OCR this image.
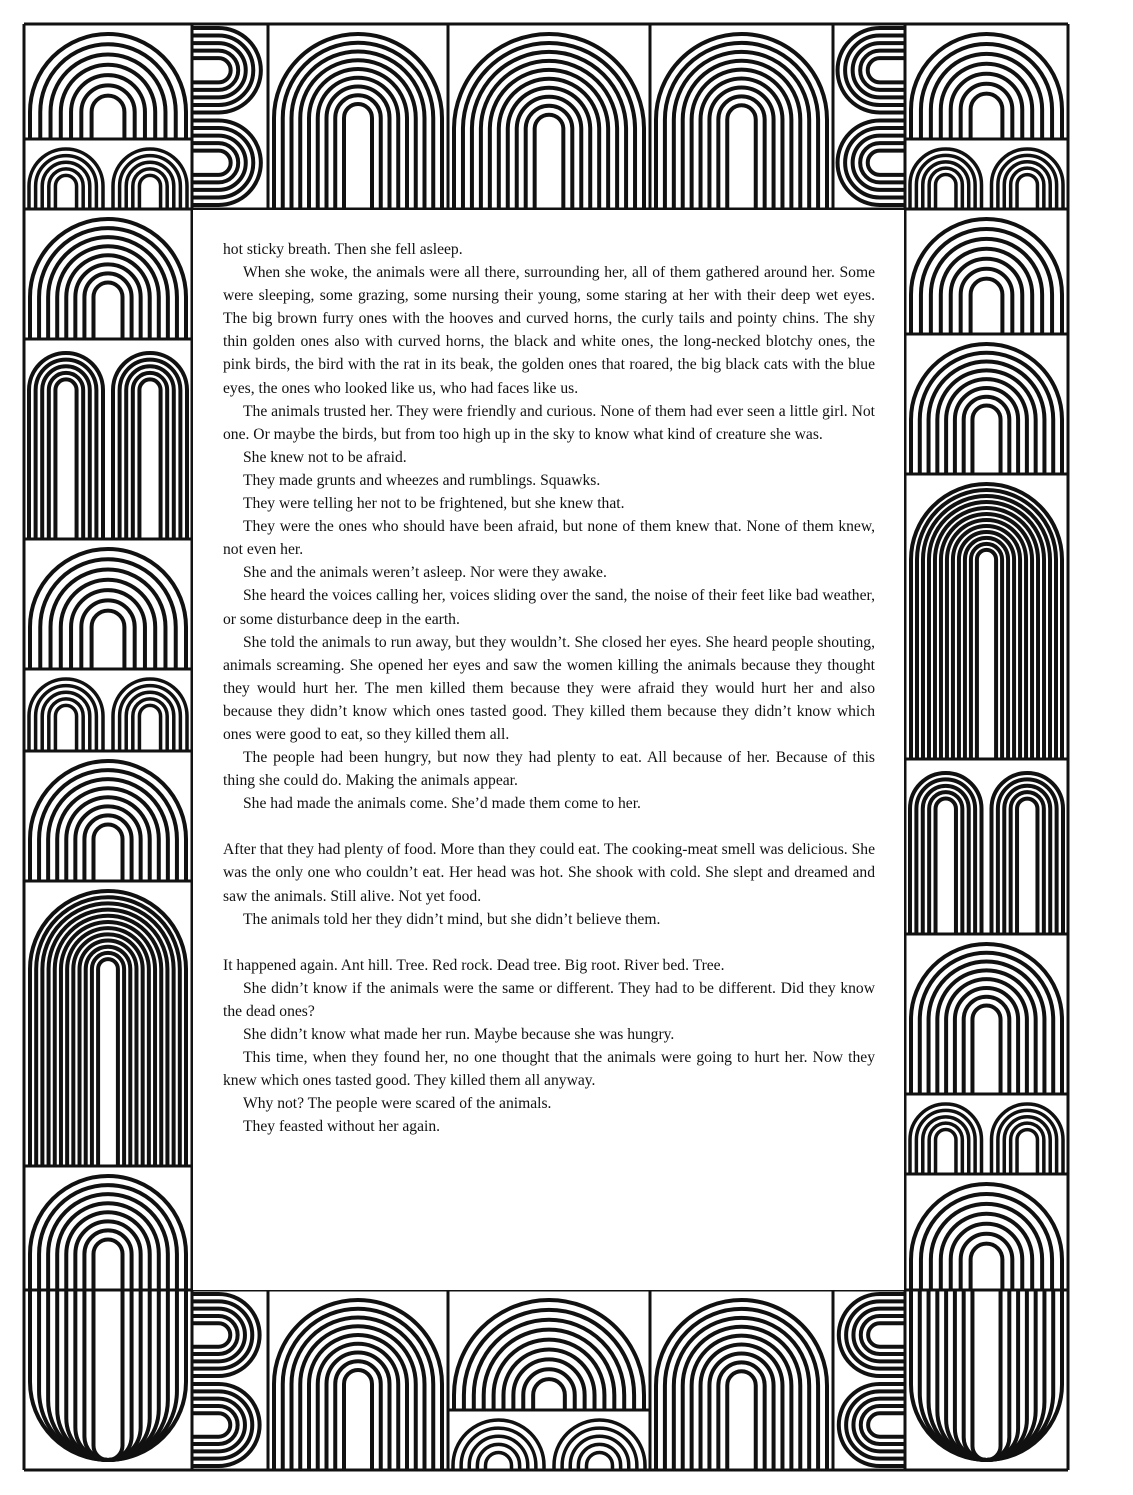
hot sticky breath. Then she fell asleep.

When she woke, the animals were all there, surrounding her, all of them gathered around her. Some were sleeping, some grazing, some nursing their young, some staring at her with their deep wet eyes. The big brown furry ones with the hooves and curved horns, the curly tails and pointy chins. The shy thin golden ones also with curved horns, the black and white ones, the long-necked blotchy ones, the pink birds, the bird with the rat in its beak, the golden ones that roared, the big black cats with the blue eyes, the ones who looked like us, who had faces like us.

The animals trusted her. They were friendly and curious. None of them had ever seen a little girl. Not one. Or maybe the birds, but from too high up in the sky to know what kind of creature she was.

She knew not to be afraid.

They made grunts and wheezes and rumblings. Squawks.

They were telling her not to be frightened, but she knew that.

They were the ones who should have been afraid, but none of them knew that. None of them knew, not even her.

She and the animals weren’t asleep. Nor were they awake.

She heard the voices calling her, voices sliding over the sand, the noise of their feet like bad weather, or some disturbance deep in the earth.

She told the animals to run away, but they wouldn’t. She closed her eyes. She heard people shouting, animals screaming. She opened her eyes and saw the women killing the animals because they thought they would hurt her. The men killed them because they were afraid they would hurt her and also because they didn’t know which ones tasted good. They killed them because they didn’t know which ones were good to eat, so they killed them all.

The people had been hungry, but now they had plenty to eat. All because of her. Because of this thing she could do. Making the animals appear.

She had made the animals come. She’d made them come to her.

After that they had plenty of food. More than they could eat. The cooking-meat smell was delicious. She was the only one who couldn’t eat. Her head was hot. She shook with cold. She slept and dreamed and saw the animals. Still alive. Not yet food.

The animals told her they didn’t mind, but she didn’t believe them.

It happened again. Ant hill. Tree. Red rock. Dead tree. Big root. River bed. Tree.

She didn’t know if the animals were the same or different. They had to be different. Did they know the dead ones?

She didn’t know what made her run. Maybe because she was hungry.

This time, when they found her, no one thought that the animals were going to hurt her. Now they knew which ones tasted good. They killed them all anyway.

Why not? The people were scared of the animals.

They feasted without her again.
